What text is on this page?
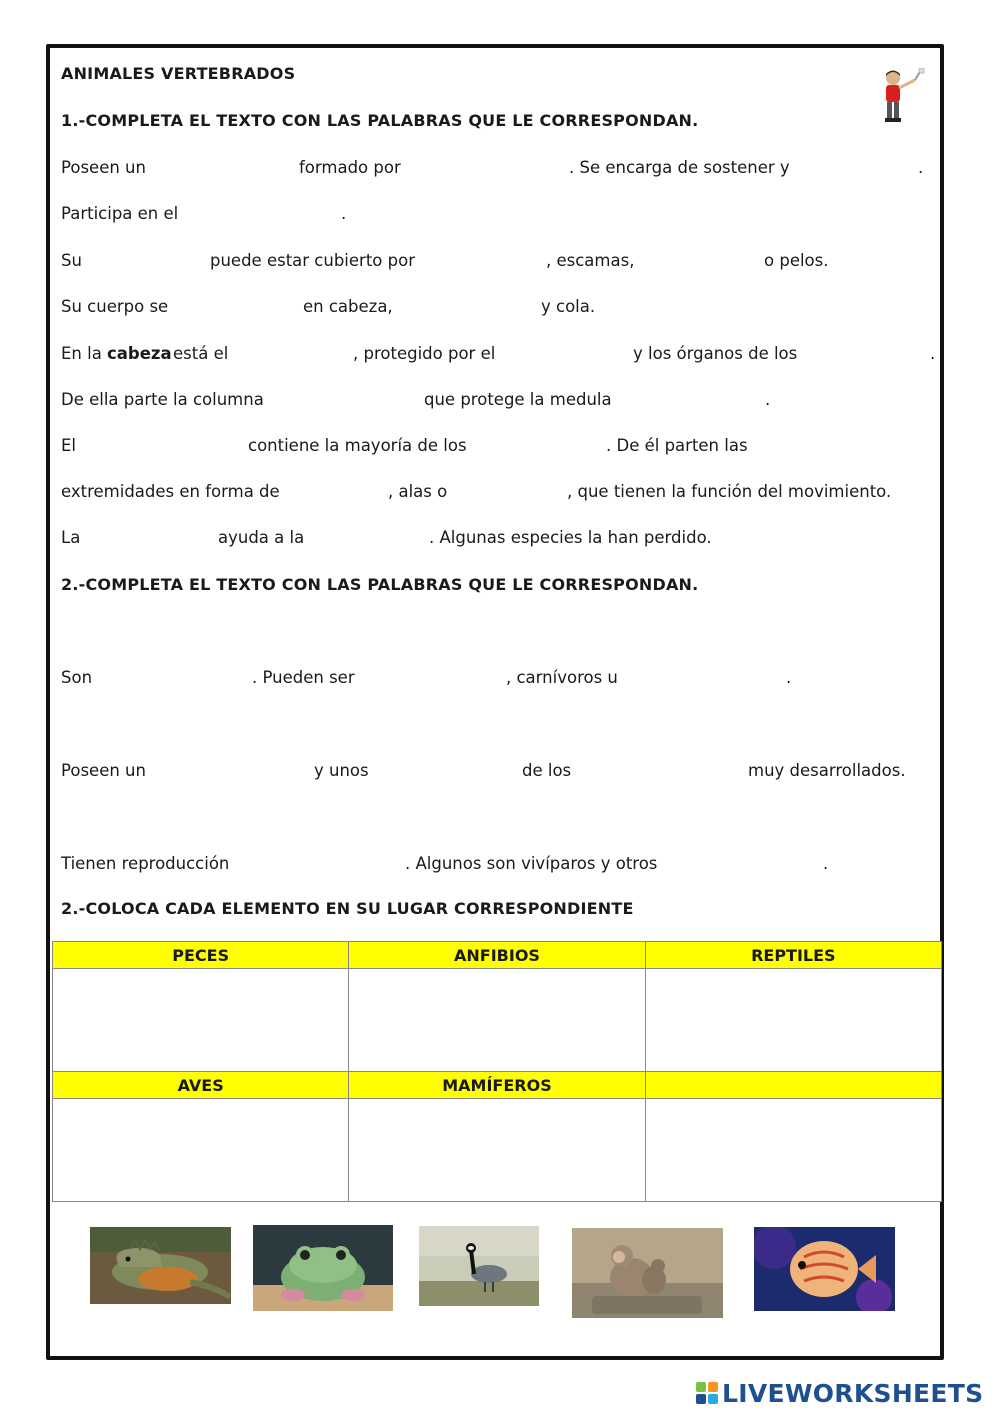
ANIMALES VERTEBRADOS
1.-COMPLETA EL TEXTO CON LAS PALABRAS QUE LE CORRESPONDAN.
Poseen un	formado por	. Se encarga de sostener y	.
Participa en el	.
Su	puede estar cubierto por	, escamas,	o pelos.
Su cuerpo se	en cabeza,	y cola.
En la cabeza está el	, protegido por el	y los órganos de los	.
De ella parte la columna	que protege la medula	.
El	contiene la mayoría de los	. De él parten las
extremidades en forma de	, alas o	, que tienen la función del movimiento.
La	ayuda a la	. Algunas especies la han perdido.
2.-COMPLETA EL TEXTO CON LAS PALABRAS QUE LE CORRESPONDAN.
Son	. Pueden ser	, carnívoros u	.
Poseen un	y unos	de los	muy desarrollados.
Tienen reproducción	. Algunos son vivíparos y otros	.
2.-COLOCA CADA ELEMENTO EN SU LUGAR CORRESPONDIENTE
PECES	ANFIBIOS	REPTILES

AVES	MAMÍFEROS	

LIVEWORKSHEETS
